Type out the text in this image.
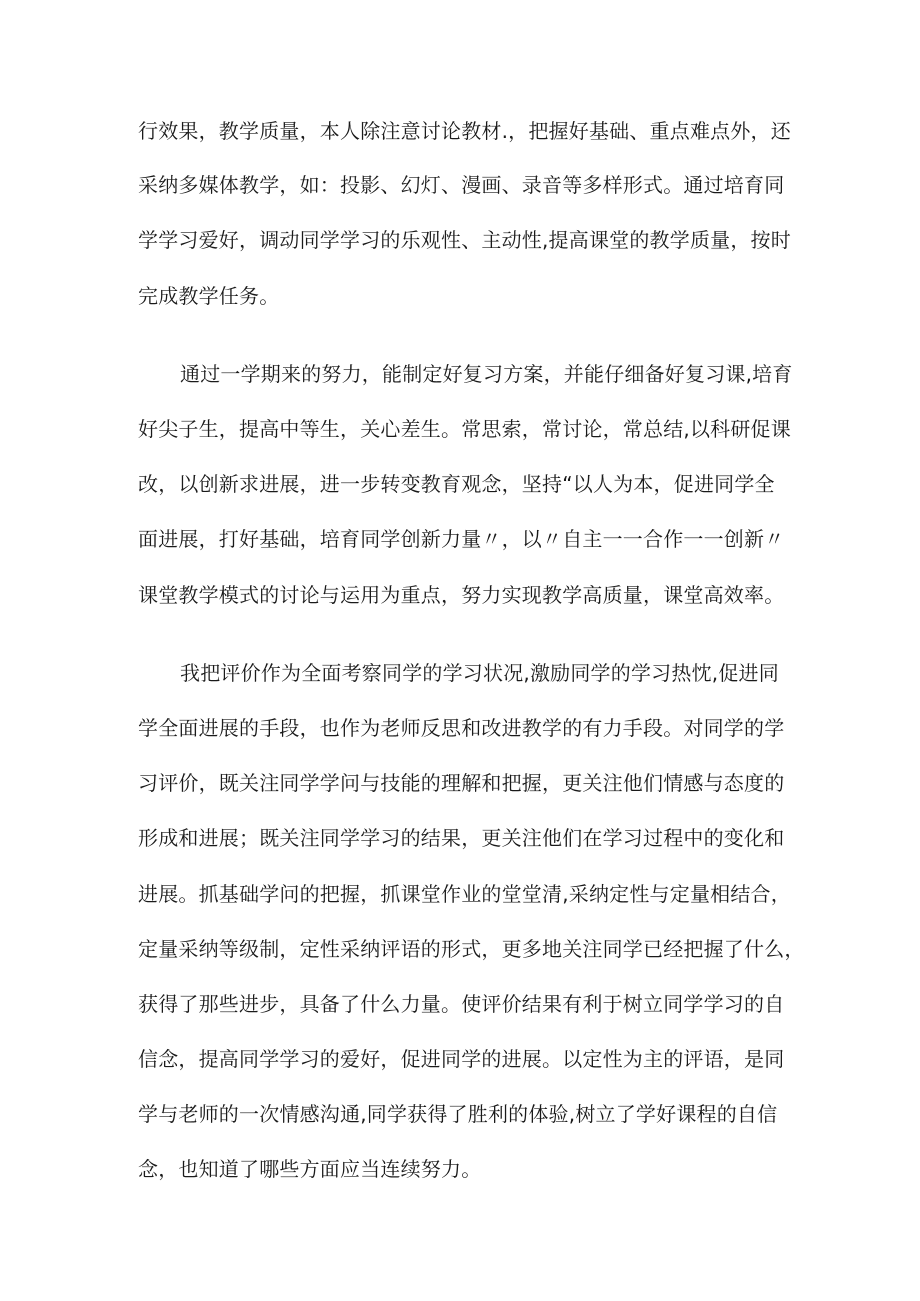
行效果，教学质量，本人除注意讨论教材.，把握好基础、重点难点外，还
采纳多媒体教学，如：投影、幻灯、漫画、录音等多样形式。通过培育同
学学习爱好，调动同学学习的乐观性、主动性,提高课堂的教学质量，按时
完成教学任务。
通过一学期来的努力，能制定好复习方案，并能仔细备好复习课,培育
好尖子生，提高中等生，关心差生。常思索，常讨论，常总结,以科研促课
改，以创新求进展，进一步转变教育观念，坚持“以人为本，促进同学全
面进展，打好基础，培育同学创新力量〃，以〃自主一一合作一一创新〃
课堂教学模式的讨论与运用为重点，努力实现教学高质量，课堂高效率。
我把评价作为全面考察同学的学习状况,激励同学的学习热忱,促进同
学全面进展的手段，也作为老师反思和改进教学的有力手段。对同学的学
习评价，既关注同学学问与技能的理解和把握，更关注他们情感与态度的
形成和进展；既关注同学学习的结果，更关注他们在学习过程中的变化和
进展。抓基础学问的把握，抓课堂作业的堂堂清,采纳定性与定量相结合，
定量采纳等级制，定性采纳评语的形式，更多地关注同学已经把握了什么，
获得了那些进步，具备了什么力量。使评价结果有利于树立同学学习的自
信念，提高同学学习的爱好，促进同学的进展。以定性为主的评语，是同
学与老师的一次情感沟通,同学获得了胜利的体验,树立了学好课程的自信
念，也知道了哪些方面应当连续努力。
